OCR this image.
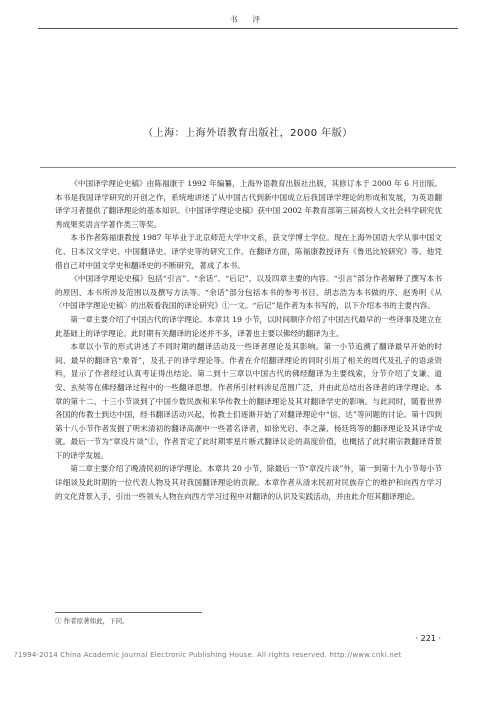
书 评
（上海：上海外语教育出版社，2000 年版）

《中国译学理论史稿》由陈福康于 1992 年编纂，上海外语教育出版社出版，其修订本于 2000 年 6 月出版。本书是我国译学研究的开创之作，系统地讲述了从中国古代到新中国成立后我国译学理论的形成和发展，为英语翻译学习者提供了翻译理论的基本知识。《中国译学理论史稿》获中国 2002 年教育部第三届高校人文社会科学研究优秀成果奖语言学著作类三等奖。

本书作者陈福康教授 1987 年毕业于北京师范大学中文系，获文学博士学位。现在上海外国语大学从事中国文化、日本汉文学史、中国翻译史、译学史等的研究工作。在翻译方面，陈福康教授译有《鲁迅比较研究》等。他凭借自己对中国文学史和翻译史的不断研究，著成了本书。

《中国译学理论史稿》包括“引言”、“余话”、“后记”，以及四章主要的内容。“引言”部分作者解释了撰写本书的原因、本书所涉及范围以及撰写方法等。“余话”部分包括本书的参考书目、胡志浩为本书做的序、赵秀明《从〈中国译学理论史稿〉的出版看我国的译论研究》①一文。“后记”是作者为本书写的，以下介绍本书的主要内容。

第一章主要介绍了中国古代的译学理论。本章共 19 小节，以时间顺序介绍了中国古代最早的一些译事及建立在此基础上的译学理论。此时期有关翻译的论述并不多，译著也主要以佛经的翻译为主。

本章以小节的形式讲述了不同时期的翻译活动及一些译者理论及其影响。第一小节追溯了翻译最早开始的时间、最早的翻译官“象胥”，及孔子的译学理论等。作者在介绍翻译理论的同时引用了相关的周代及孔子的语录资料，显示了作者经过认真考证得出结论。第二到十三章以中国古代的佛经翻译为主要线索，分节介绍了支谦、道安、玄奘等在佛经翻译过程中的一些翻译思想。作者所引材料涉足范围广泛，并由此总结出各译者的译学理论。本章的第十二、十三小节谈到了中国少数民族和来华传教士的翻译理论及其对翻译学史的影响。与此同时，随着世界各国的传教士到达中国，经书翻译活动兴起，传教士们逐渐开始了对翻译理论中“信、达”等问题的讨论。第十四到第十八小节作者发掘了明末清初的翻译高潮中一些著名译者，如徐光启、李之藻、杨廷筠等的翻译理论及其译学成就。最后一节为“章没片谈”①，作者肯定了此时期零星片断式翻译议论的高度价值，也概括了此时期宗教翻译背景下的译学发展。

第二章主要介绍了晚清民初的译学理论。本章共 20 小节，除最后一节“章没片谈”外，第一到第十九小节每小节详细谈及此时期的一位代表人物及其对我国翻译理论的贡献。本章作者从清末民初对民族存亡的维护和向西方学习的文化背景入手，引出一些领头人物在向西方学习过程中对翻译的认识及实践活动，并由此介绍其翻译理论。

① 作者原著如此，下同。
· 221 ·
?1994-2014 China Academic Journal Electronic Publishing House. All rights reserved. http://www.cnki.net
